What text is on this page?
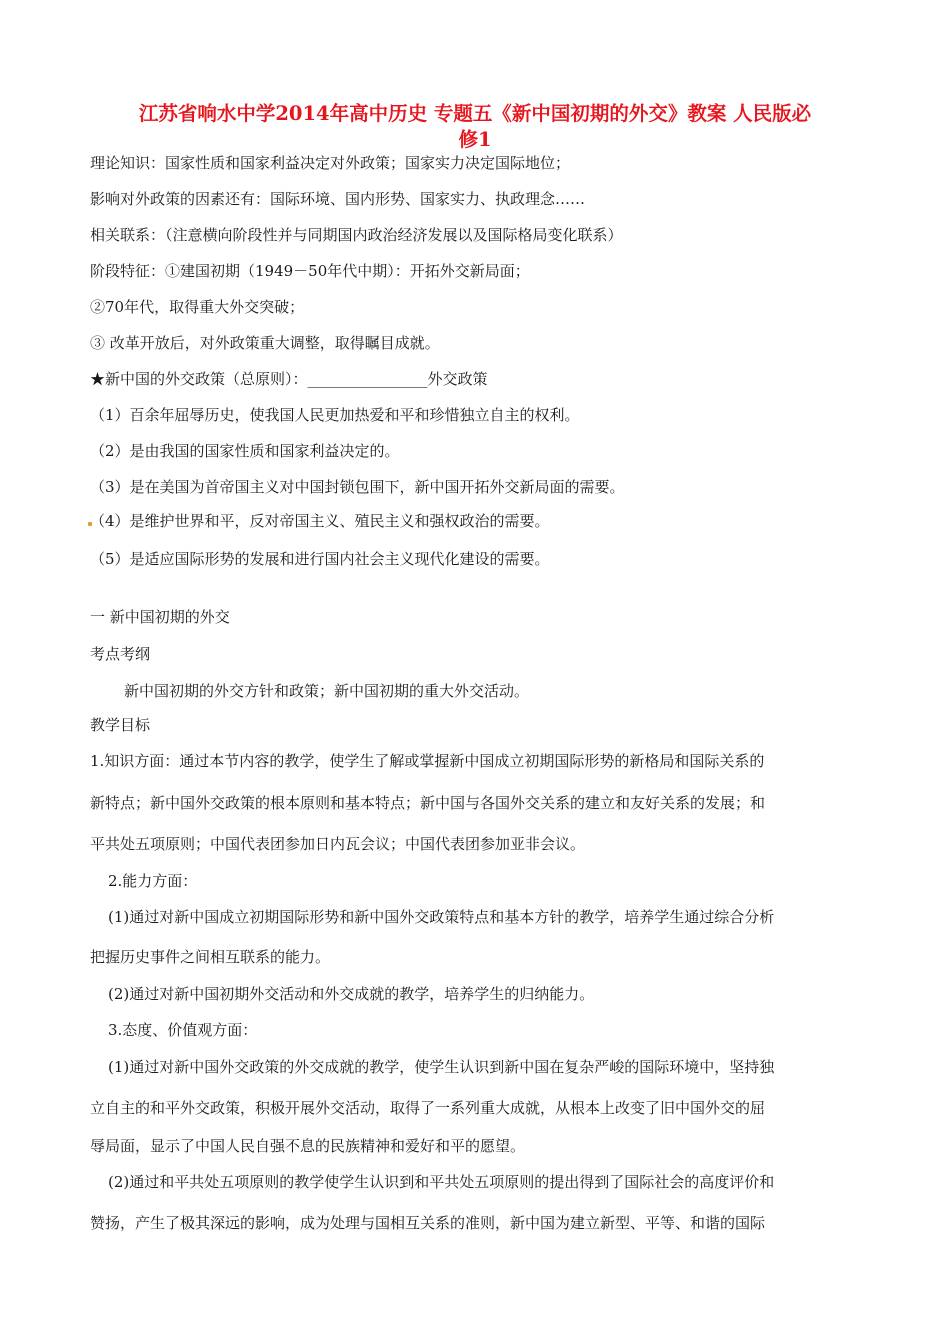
江苏省响水中学2014年高中历史 专题五《新中国初期的外交》教案 人民版必
修1
理论知识：国家性质和国家利益决定对外政策；国家实力决定国际地位；
影响对外政策的因素还有：国际环境、国内形势、国家实力、执政理念……
相关联系：（注意横向阶段性并与同期国内政治经济发展以及国际格局变化联系）
阶段特征：①建国初期（1949－50年代中期）：开拓外交新局面；
②70年代，取得重大外交突破；
③ 改革开放后，对外政策重大调整，取得瞩目成就。
★新中国的外交政策（总原则）：________________外交政策
（1）百余年屈辱历史，使我国人民更加热爱和平和珍惜独立自主的权利。
（2）是由我国的国家性质和国家利益决定的。
（3）是在美国为首帝国主义对中国封锁包围下，新中国开拓外交新局面的需要。
（4）是维护世界和平，反对帝国主义、殖民主义和强权政治的需要。
（5）是适应国际形势的发展和进行国内社会主义现代化建设的需要。
一 新中国初期的外交
考点考纲
新中国初期的外交方针和政策；新中国初期的重大外交活动。
教学目标
1.知识方面：通过本节内容的教学，使学生了解或掌握新中国成立初期国际形势的新格局和国际关系的
新特点；新中国外交政策的根本原则和基本特点；新中国与各国外交关系的建立和友好关系的发展；和
平共处五项原则；中国代表团参加日内瓦会议；中国代表团参加亚非会议。
2.能力方面：
(1)通过对新中国成立初期国际形势和新中国外交政策特点和基本方针的教学，培养学生通过综合分析
把握历史事件之间相互联系的能力。
(2)通过对新中国初期外交活动和外交成就的教学，培养学生的归纳能力。
3.态度、价值观方面：
(1)通过对新中国外交政策的外交成就的教学，使学生认识到新中国在复杂严峻的国际环境中，坚持独
立自主的和平外交政策，积极开展外交活动，取得了一系列重大成就，从根本上改变了旧中国外交的屈
辱局面，显示了中国人民自强不息的民族精神和爱好和平的愿望。
(2)通过和平共处五项原则的教学使学生认识到和平共处五项原则的提出得到了国际社会的高度评价和
赞扬，产生了极其深远的影响，成为处理与国相互关系的准则，新中国为建立新型、平等、和谐的国际
